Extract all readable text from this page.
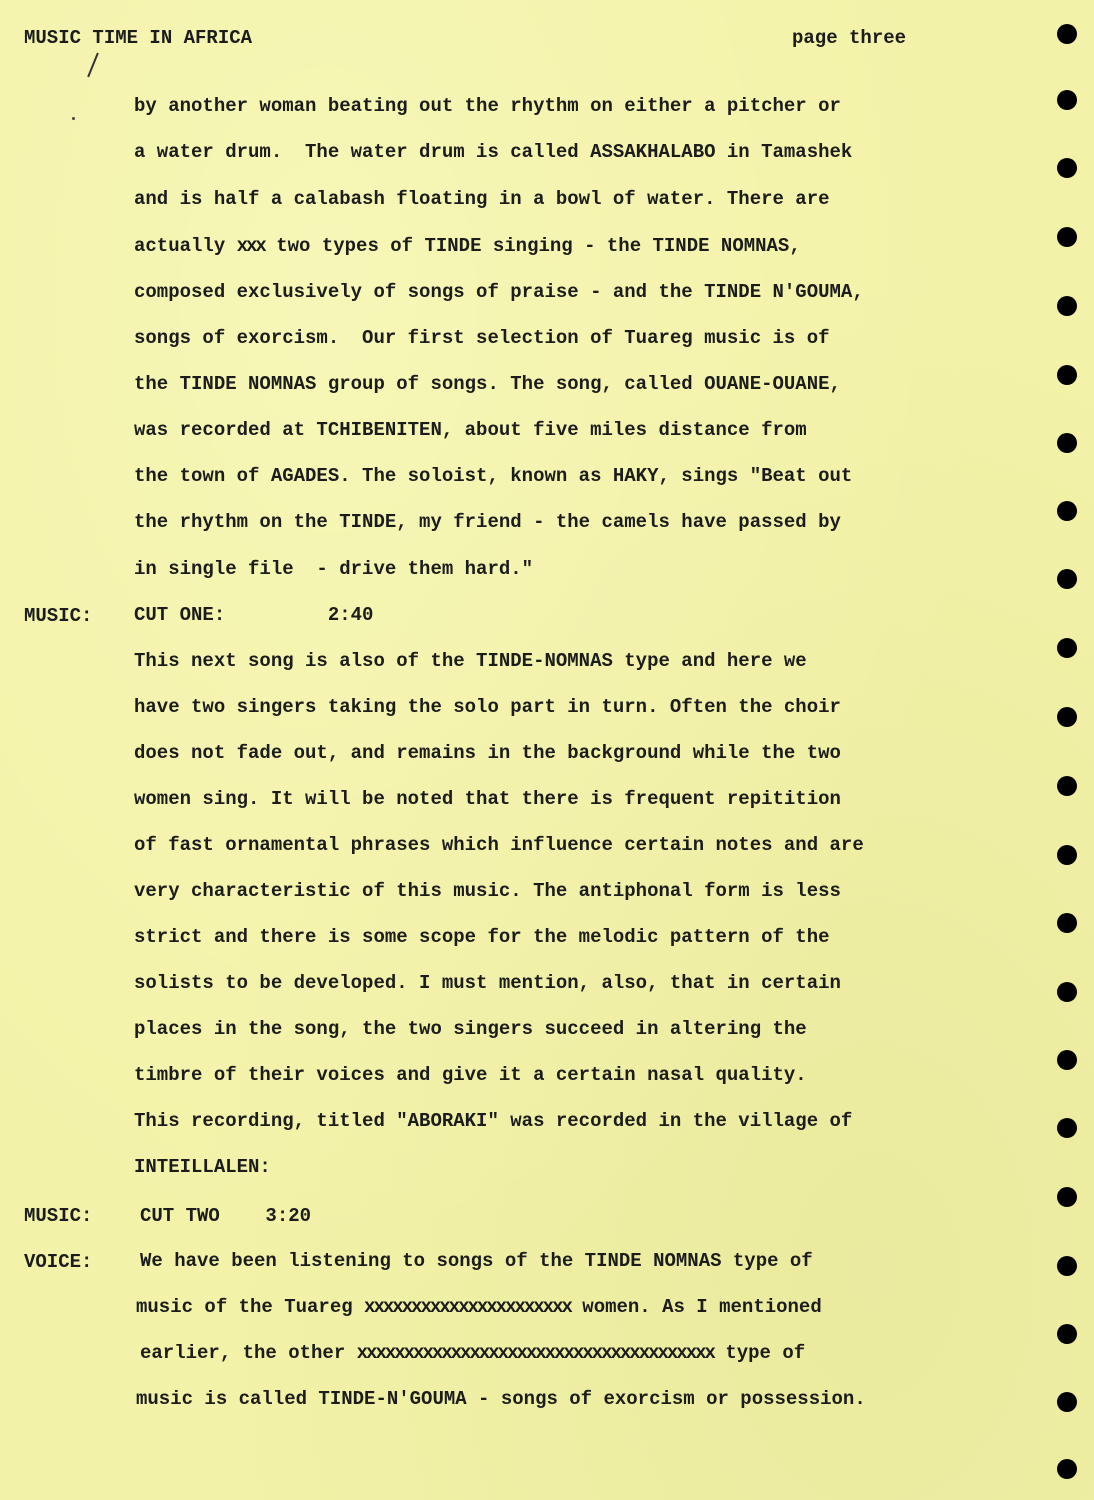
MUSIC TIME IN AFRICA	page three

by another woman beating out the rhythm on either a pitcher or

a water drum.  The water drum is called ASSAKHALABO in Tamashek

and is half a calabash floating in a bowl of water. There are

actually xxx two types of TINDE singing - the TINDE NOMNAS,

composed exclusively of songs of praise - and the TINDE N'GOUMA,

songs of exorcism.  Our first selection of Tuareg music is of

the TINDE NOMNAS group of songs. The song, called OUANE-OUANE,

was recorded at TCHIBENITEN, about five miles distance from

the town of AGADES. The soloist, known as HAKY, sings "Beat out

the rhythm on the TINDE, my friend - the camels have passed by

in single file  - drive them hard."

MUSIC: CUT ONE:         2:40

This next song is also of the TINDE-NOMNAS type and here we

have two singers taking the solo part in turn. Often the choir

does not fade out, and remains in the background while the two

women sing. It will be noted that there is frequent repitition

of fast ornamental phrases which influence certain notes and are

very characteristic of this music. The antiphonal form is less

strict and there is some scope for the melodic pattern of the

solists to be developed. I must mention, also, that in certain

places in the song, the two singers succeed in altering the

timbre of their voices and give it a certain nasal quality.

This recording, titled "ABORAKI" was recorded in the village of

INTEILLALEN:

MUSIC:	CUT TWO    3:20

VOICE:	We have been listening to songs of the TINDE NOMNAS type of

music of the Tuareg xxxxxxxxxxxxxxxxxxxxxx women. As I mentioned

earlier, the other xxxxxxxxxxxxxxxxxxxxxxxxxxxxxxxxxxxxxx type of

music is called TINDE-N'GOUMA - songs of exorcism or possession.
